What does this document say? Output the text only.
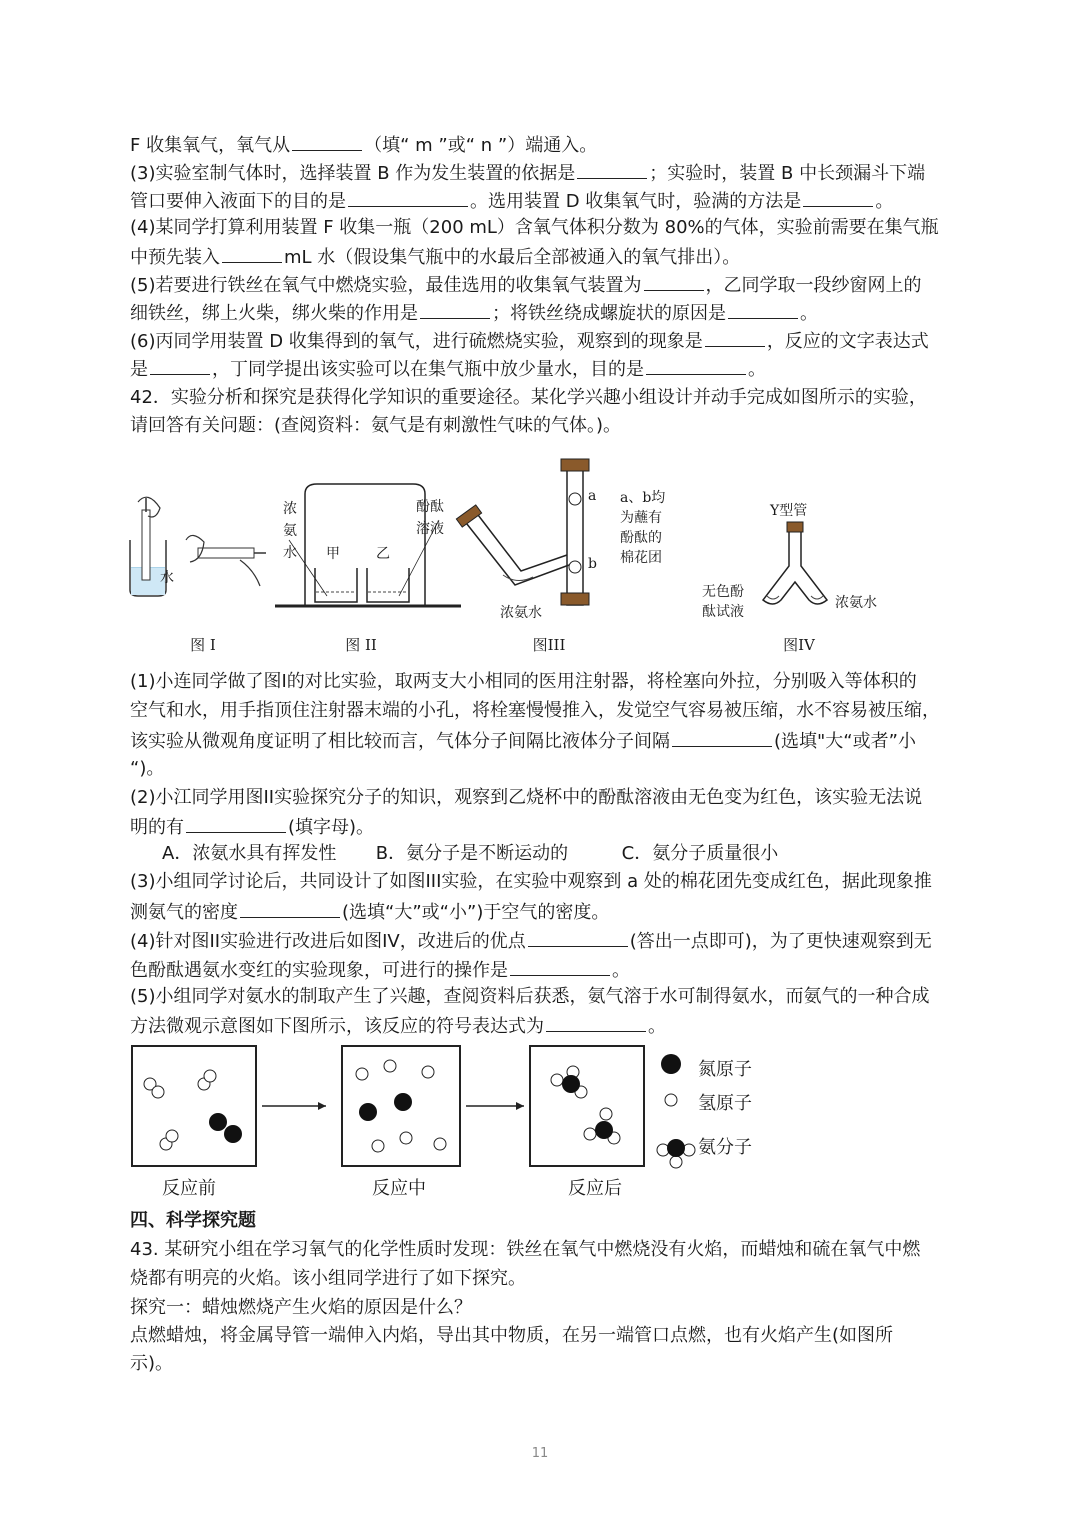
F 收集氧气，氧气从	（填“ m ”或“ n ”）端通入。
(3)实验室制气体时，选择装置 B 作为发生装置的依据是	；实验时，装置 B 中长颈漏斗下端
管口要伸入液面下的目的是	。选用装置 D 收集氧气时，验满的方法是	。
(4)某同学打算利用装置 F 收集一瓶（200 mL）含氧气体积分数为 80%的气体，实验前需要在集气瓶
中预先装入	mL 水（假设集气瓶中的水最后全部被通入的氧气排出）。
(5)若要进行铁丝在氧气中燃烧实验，最佳选用的收集氧气装置为	，乙同学取一段纱窗网上的
细铁丝，绑上火柴，绑火柴的作用是	；将铁丝绕成螺旋状的原因是	。
(6)丙同学用装置 D 收集得到的氧气，进行硫燃烧实验，观察到的现象是	，反应的文字表达式
是	，丁同学提出该实验可以在集气瓶中放少量水，目的是	。
42．实验分析和探究是获得化学知识的重要途径。某化学兴趣小组设计并动手完成如图所示的实验，
请回答有关问题：(查阅资料：氨气是有刺激性气味的气体。)。
水
浓
氨
水 甲	乙
酚酞
溶液
a
b
a、b均
为蘸有
酚酞的
棉花团
浓氨水
Y型管
无色酚
酞试液
浓氨水
图 I	图 II	图III	图IV
(1)小连同学做了图I的对比实验，取两支大小相同的医用注射器，将栓塞向外拉，分别吸入等体积的
空气和水，用手指顶住注射器末端的小孔，将栓塞慢慢推入，发觉空气容易被压缩，水不容易被压缩，
该实验从微观角度证明了相比较而言，气体分子间隔比液体分子间隔	(选填"大“或者”小
“)。
(2)小江同学用图II实验探究分子的知识，观察到乙烧杯中的酚酞溶液由无色变为红色，该实验无法说
明的有	(填字母)。
A．浓氨水具有挥发性 B．氨分子是不断运动的	C．氨分子质量很小
(3)小组同学讨论后，共同设计了如图III实验，在实验中观察到 a 处的棉花团先变成红色，据此现象推
测氨气的密度	(选填“大”或“小”)于空气的密度。
(4)针对图II实验进行改进后如图IV，改进后的优点	(答出一点即可)，为了更快速观察到无
色酚酞遇氨水变红的实验现象，可进行的操作是	。
(5)小组同学对氨水的制取产生了兴趣，查阅资料后获悉，氨气溶于水可制得氨水，而氨气的一种合成
方法微观示意图如下图所示，该反应的符号表达式为	。
氮原子
氢原子
氨分子
反应前	反应中	反应后
四、科学探究题
43. 某研究小组在学习氧气的化学性质时发现：铁丝在氧气中燃烧没有火焰，而蜡烛和硫在氧气中燃
烧都有明亮的火焰。该小组同学进行了如下探究。
探究一：蜡烛燃烧产生火焰的原因是什么？
点燃蜡烛，将金属导管一端伸入内焰，导出其中物质，在另一端管口点燃，也有火焰产生(如图所
示)。
11
